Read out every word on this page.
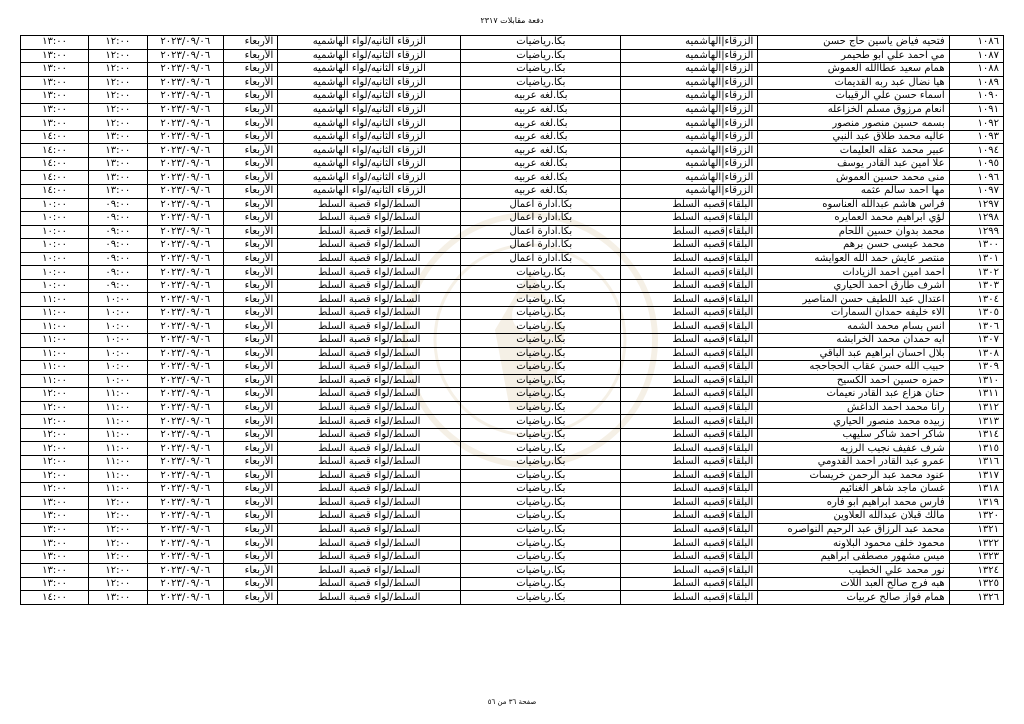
دفعة مقابلات ٢٣١٧
١٠٨٦	فتحيه فياض ياسين حاج حسن	الزرقاء|الهاشميه	بكا.رياضيات	الزرقاء الثانيه/لواء الهاشميه	الأربعاء	٢٠٢٣/٠٩/٠٦	١٢:٠٠	١٣:٠٠
١٠٨٧	مي احمد علي ابو طحيمر	الزرقاء|الهاشميه	بكا.رياضيات	الزرقاء الثانيه/لواء الهاشميه	الأربعاء	٢٠٢٣/٠٩/٠٦	١٢:٠٠	١٣:٠٠
١٠٨٨	همام سعيد عطاالله العموش	الزرقاء|الهاشميه	بكا.رياضيات	الزرقاء الثانيه/لواء الهاشميه	الأربعاء	٢٠٢٣/٠٩/٠٦	١٢:٠٠	١٣:٠٠
١٠٨٩	هيا نضال عبد ربه القديمات	الزرقاء|الهاشميه	بكا.رياضيات	الزرقاء الثانيه/لواء الهاشميه	الأربعاء	٢٠٢٣/٠٩/٠٦	١٢:٠٠	١٣:٠٠
١٠٩٠	اسماء حسن علي الرقيبات	الزرقاء|الهاشميه	بكا.لغه عربيه	الزرقاء الثانيه/لواء الهاشميه	الأربعاء	٢٠٢٣/٠٩/٠٦	١٢:٠٠	١٣:٠٠
١٠٩١	انعام مرزوق مسلم الخزاعله	الزرقاء|الهاشميه	بكا.لغه عربيه	الزرقاء الثانيه/لواء الهاشميه	الأربعاء	٢٠٢٣/٠٩/٠٦	١٢:٠٠	١٣:٠٠
١٠٩٢	بسمه حسين منصور منصور	الزرقاء|الهاشميه	بكا.لغه عربيه	الزرقاء الثانيه/لواء الهاشميه	الأربعاء	٢٠٢٣/٠٩/٠٦	١٢:٠٠	١٣:٠٠
١٠٩٣	عاليه محمد طلاق عبد النبي	الزرقاء|الهاشميه	بكا.لغه عربيه	الزرقاء الثانيه/لواء الهاشميه	الأربعاء	٢٠٢٣/٠٩/٠٦	١٣:٠٠	١٤:٠٠
١٠٩٤	عبير محمد عقله العليمات	الزرقاء|الهاشميه	بكا.لغه عربيه	الزرقاء الثانيه/لواء الهاشميه	الأربعاء	٢٠٢٣/٠٩/٠٦	١٣:٠٠	١٤:٠٠
١٠٩٥	علا امين عبد القادر يوسف	الزرقاء|الهاشميه	بكا.لغه عربيه	الزرقاء الثانيه/لواء الهاشميه	الأربعاء	٢٠٢٣/٠٩/٠٦	١٣:٠٠	١٤:٠٠
١٠٩٦	منى محمد حسين العموش	الزرقاء|الهاشميه	بكا.لغه عربيه	الزرقاء الثانيه/لواء الهاشميه	الأربعاء	٢٠٢٣/٠٩/٠٦	١٣:٠٠	١٤:٠٠
١٠٩٧	مها احمد سالم عثمه	الزرقاء|الهاشميه	بكا.لغه عربيه	الزرقاء الثانيه/لواء الهاشميه	الأربعاء	٢٠٢٣/٠٩/٠٦	١٣:٠٠	١٤:٠٠
١٢٩٧	فراس هاشم عبدالله العناسوه	البلقاء|قصبه السلط	بكا.ادارة اعمال	السلط/لواء قصبة السلط	الأربعاء	٢٠٢٣/٠٩/٠٦	٠٩:٠٠	١٠:٠٠
١٢٩٨	لؤي ابراهيم محمد العمايره	البلقاء|قصبه السلط	بكا.ادارة اعمال	السلط/لواء قصبة السلط	الأربعاء	٢٠٢٣/٠٩/٠٦	٠٩:٠٠	١٠:٠٠
١٢٩٩	محمد بدوان حسين اللحام	البلقاء|قصبه السلط	بكا.ادارة اعمال	السلط/لواء قصبة السلط	الأربعاء	٢٠٢٣/٠٩/٠٦	٠٩:٠٠	١٠:٠٠
١٣٠٠	محمد عيسى حسن برهم	البلقاء|قصبه السلط	بكا.ادارة اعمال	السلط/لواء قصبة السلط	الأربعاء	٢٠٢٣/٠٩/٠٦	٠٩:٠٠	١٠:٠٠
١٣٠١	منتصر عايش حمد الله العوايشه	البلقاء|قصبه السلط	بكا.ادارة اعمال	السلط/لواء قصبة السلط	الأربعاء	٢٠٢٣/٠٩/٠٦	٠٩:٠٠	١٠:٠٠
١٣٠٢	احمد امين احمد الزيادات	البلقاء|قصبه السلط	بكا.رياضيات	السلط/لواء قصبة السلط	الأربعاء	٢٠٢٣/٠٩/٠٦	٠٩:٠٠	١٠:٠٠
١٣٠٣	اشرف طارق احمد الحياري	البلقاء|قصبه السلط	بكا.رياضيات	السلط/لواء قصبة السلط	الأربعاء	٢٠٢٣/٠٩/٠٦	٠٩:٠٠	١٠:٠٠
١٣٠٤	اعتدال عبد اللطيف حسن المناصير	البلقاء|قصبه السلط	بكا.رياضيات	السلط/لواء قصبة السلط	الأربعاء	٢٠٢٣/٠٩/٠٦	١٠:٠٠	١١:٠٠
١٣٠٥	الاء خليفه حمدان السمارات	البلقاء|قصبه السلط	بكا.رياضيات	السلط/لواء قصبة السلط	الأربعاء	٢٠٢٣/٠٩/٠٦	١٠:٠٠	١١:٠٠
١٣٠٦	انس بسام محمد الشمه	البلقاء|قصبه السلط	بكا.رياضيات	السلط/لواء قصبة السلط	الأربعاء	٢٠٢٣/٠٩/٠٦	١٠:٠٠	١١:٠٠
١٣٠٧	ايه حمدان محمد الخرابشه	البلقاء|قصبه السلط	بكا.رياضيات	السلط/لواء قصبة السلط	الأربعاء	٢٠٢٣/٠٩/٠٦	١٠:٠٠	١١:٠٠
١٣٠٨	بلال احسان ابراهيم عبد الباقي	البلقاء|قصبه السلط	بكا.رياضيات	السلط/لواء قصبة السلط	الأربعاء	٢٠٢٣/٠٩/٠٦	١٠:٠٠	١١:٠٠
١٣٠٩	حبيب الله حسن عقاب الحجاحجه	البلقاء|قصبه السلط	بكا.رياضيات	السلط/لواء قصبة السلط	الأربعاء	٢٠٢٣/٠٩/٠٦	١٠:٠٠	١١:٠٠
١٣١٠	حمزه حسين احمد الكسيح	البلقاء|قصبه السلط	بكا.رياضيات	السلط/لواء قصبة السلط	الأربعاء	٢٠٢٣/٠٩/٠٦	١٠:٠٠	١١:٠٠
١٣١١	حنان هزاع عبد القادر نعيمات	البلقاء|قصبه السلط	بكا.رياضيات	السلط/لواء قصبة السلط	الأربعاء	٢٠٢٣/٠٩/٠٦	١١:٠٠	١٢:٠٠
١٣١٢	رانا محمد احمد الداغش	البلقاء|قصبه السلط	بكا.رياضيات	السلط/لواء قصبة السلط	الأربعاء	٢٠٢٣/٠٩/٠٦	١١:٠٠	١٢:٠٠
١٣١٣	زبيده محمد منصور الحياري	البلقاء|قصبه السلط	بكا.رياضيات	السلط/لواء قصبة السلط	الأربعاء	٢٠٢٣/٠٩/٠٦	١١:٠٠	١٢:٠٠
١٣١٤	شاكر احمد شاكر سليهب	البلقاء|قصبه السلط	بكا.رياضيات	السلط/لواء قصبة السلط	الأربعاء	٢٠٢٣/٠٩/٠٦	١١:٠٠	١٢:٠٠
١٣١٥	شرف عفيف نجيب الرزيه	البلقاء|قصبه السلط	بكا.رياضيات	السلط/لواء قصبة السلط	الأربعاء	٢٠٢٣/٠٩/٠٦	١١:٠٠	١٢:٠٠
١٣١٦	عمرو عبد القادر احمد القدومي	البلقاء|قصبه السلط	بكا.رياضيات	السلط/لواء قصبة السلط	الأربعاء	٢٠٢٣/٠٩/٠٦	١١:٠٠	١٢:٠٠
١٣١٧	عنود محمد عبد الرحمن خريسات	البلقاء|قصبه السلط	بكا.رياضيات	السلط/لواء قصبة السلط	الأربعاء	٢٠٢٣/٠٩/٠٦	١١:٠٠	١٢:٠٠
١٣١٨	غسان ماجد شاهر الغنائيم	البلقاء|قصبه السلط	بكا.رياضيات	السلط/لواء قصبة السلط	الأربعاء	٢٠٢٣/٠٩/٠٦	١١:٠٠	١٢:٠٠
١٣١٩	فارس محمد ابراهيم ابو فاره	البلقاء|قصبه السلط	بكا.رياضيات	السلط/لواء قصبة السلط	الأربعاء	٢٠٢٣/٠٩/٠٦	١٢:٠٠	١٣:٠٠
١٣٢٠	مالك قبلان عبدالله العلاوين	البلقاء|قصبه السلط	بكا.رياضيات	السلط/لواء قصبة السلط	الأربعاء	٢٠٢٣/٠٩/٠٦	١٢:٠٠	١٣:٠٠
١٣٢١	محمد عبد الرزاق عبد الرحيم النواصره	البلقاء|قصبه السلط	بكا.رياضيات	السلط/لواء قصبة السلط	الأربعاء	٢٠٢٣/٠٩/٠٦	١٢:٠٠	١٣:٠٠
١٣٢٢	محمود خلف محمود البلاونه	البلقاء|قصبه السلط	بكا.رياضيات	السلط/لواء قصبة السلط	الأربعاء	٢٠٢٣/٠٩/٠٦	١٢:٠٠	١٣:٠٠
١٣٢٣	ميس مشهور مصطفى ابراهيم	البلقاء|قصبه السلط	بكا.رياضيات	السلط/لواء قصبة السلط	الأربعاء	٢٠٢٣/٠٩/٠٦	١٢:٠٠	١٣:٠٠
١٣٢٤	نور محمد علي الخطيب	البلقاء|قصبه السلط	بكا.رياضيات	السلط/لواء قصبة السلط	الأربعاء	٢٠٢٣/٠٩/٠٦	١٢:٠٠	١٣:٠٠
١٣٢٥	هبه فرج صالح العبد اللات	البلقاء|قصبه السلط	بكا.رياضيات	السلط/لواء قصبة السلط	الأربعاء	٢٠٢٣/٠٩/٠٦	١٢:٠٠	١٣:٠٠
١٣٢٦	همام فواز صالح عربيات	البلقاء|قصبه السلط	بكا.رياضيات	السلط/لواء قصبة السلط	الأربعاء	٢٠٢٣/٠٩/٠٦	١٣:٠٠	١٤:٠٠
صفحة ٣٦ من ٥٦
